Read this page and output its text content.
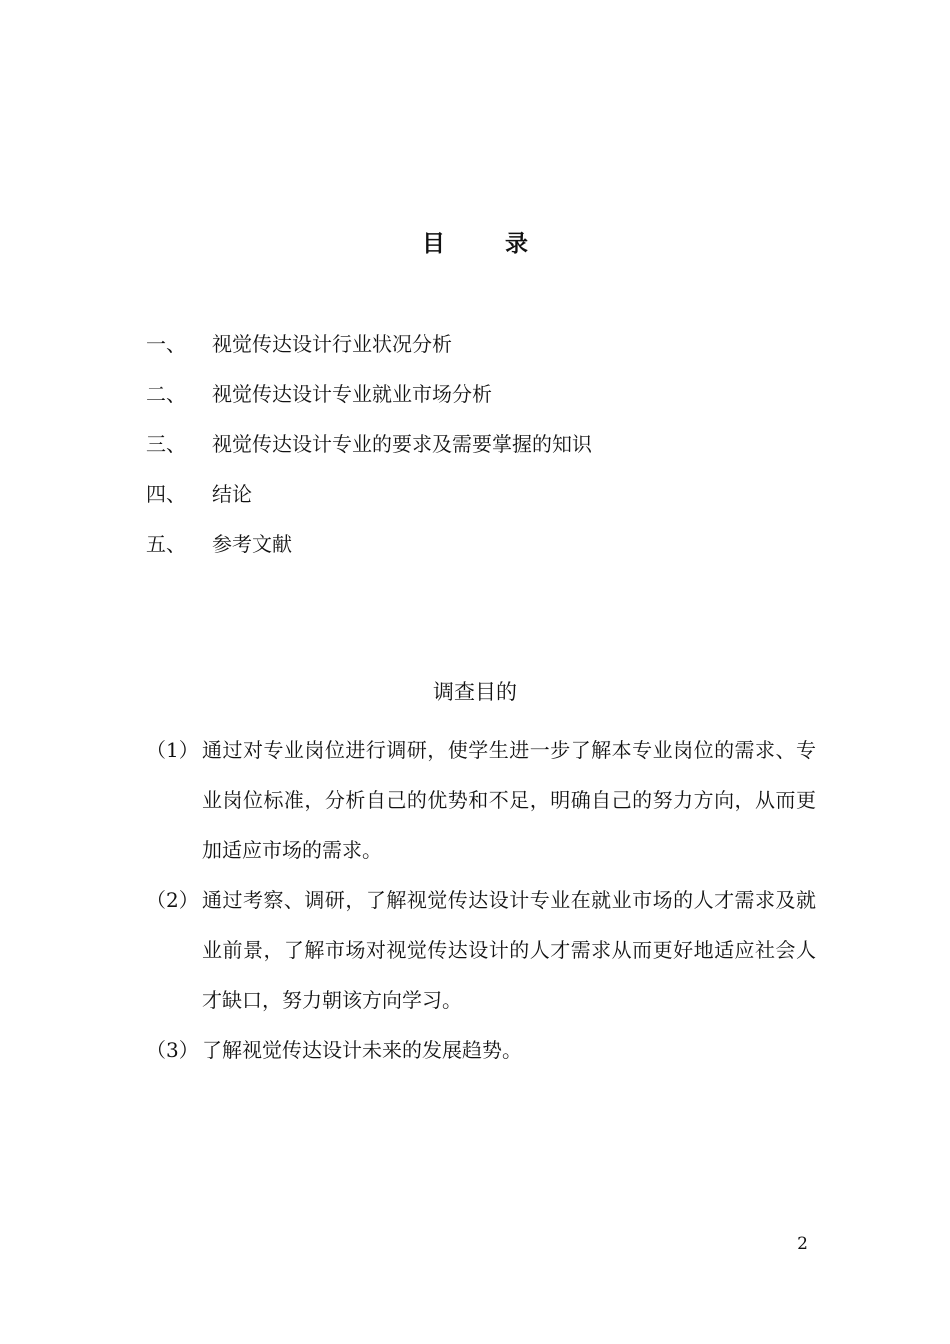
目 录
一、 视觉传达设计行业状况分析
二、 视觉传达设计专业就业市场分析
三、 视觉传达设计专业的要求及需要掌握的知识
四、 结论
五、 参考文献
调查目的
（1） 通过对专业岗位进行调研，使学生进一步了解本专业岗位的需求、专业岗位标准，分析自己的优势和不足，明确自己的努力方向，从而更加适应市场的需求。
（2） 通过考察、调研，了解视觉传达设计专业在就业市场的人才需求及就业前景，了解市场对视觉传达设计的人才需求从而更好地适应社会人才缺口，努力朝该方向学习。
（3） 了解视觉传达设计未来的发展趋势。
2
